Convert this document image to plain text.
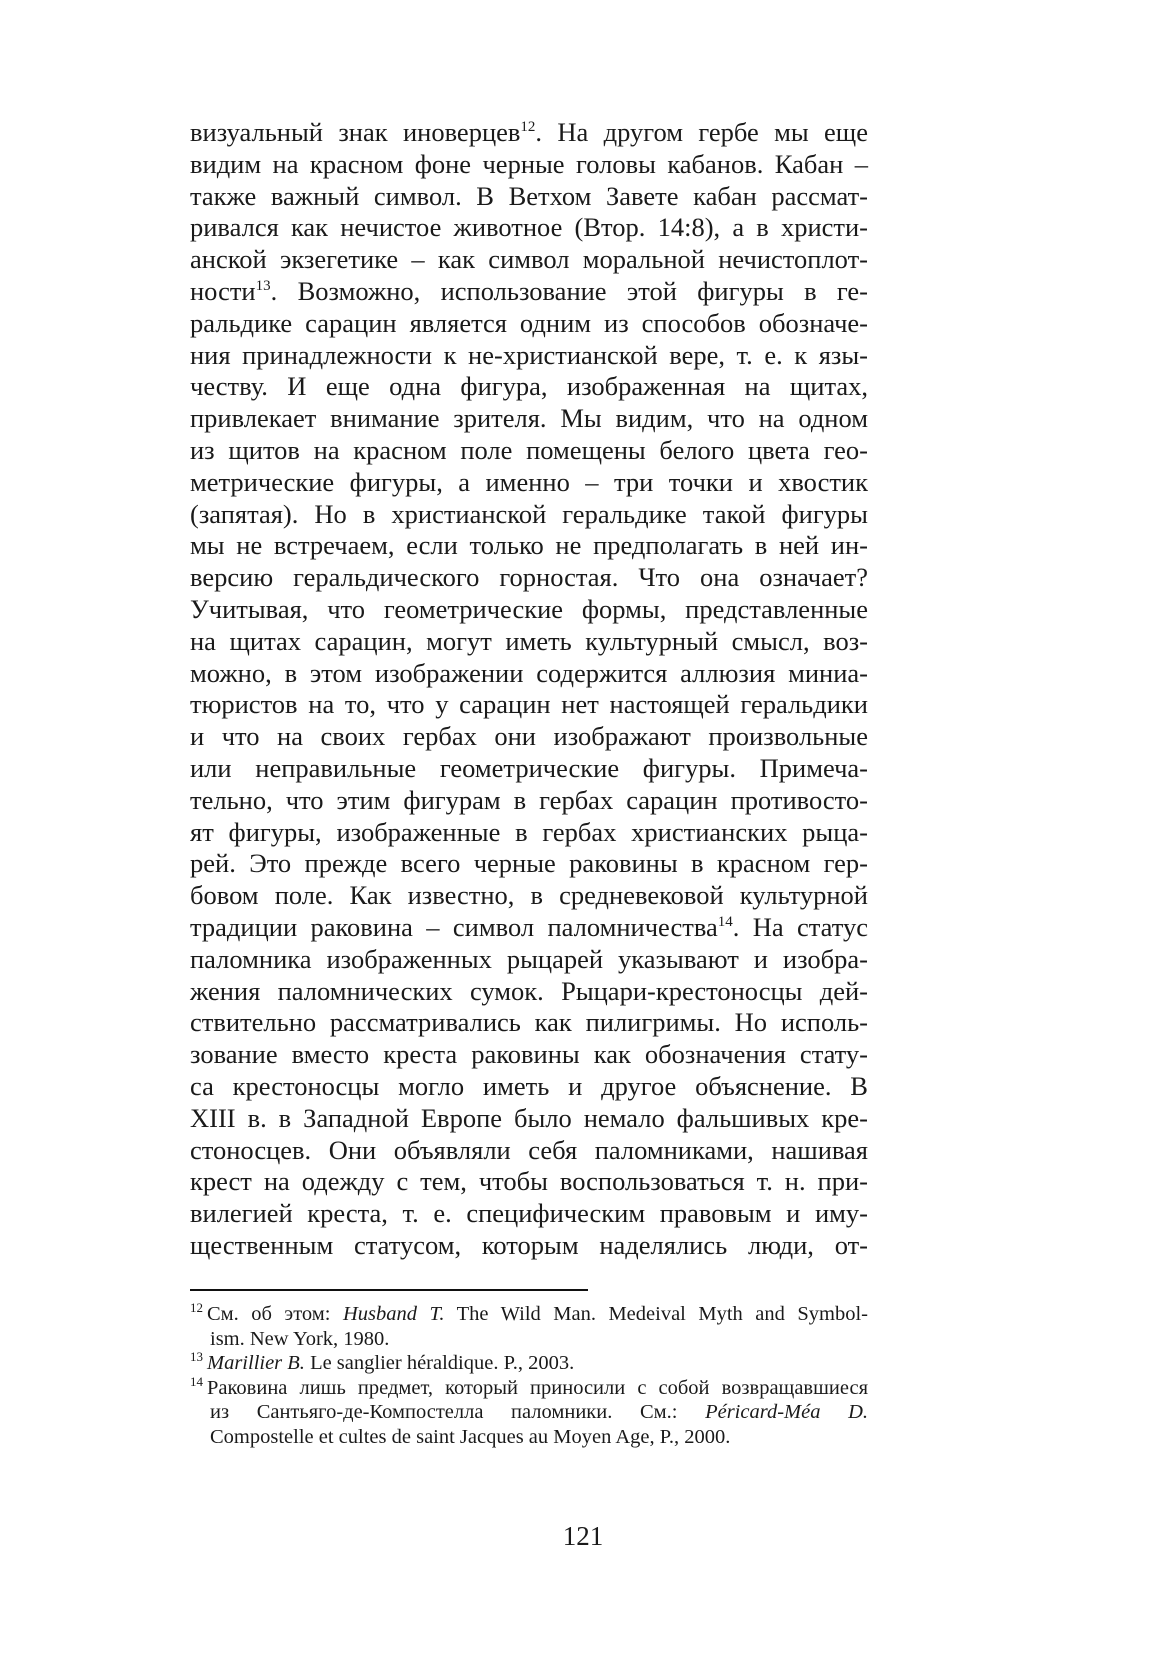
визуальный знак иноверцев$^{12}$. На другом гербе мы еще
видим на красном фоне черные головы кабанов. Кабан –
также важный символ. В Ветхом Завете кабан рассмат-
ривался как нечистое животное (Втор. 14:8), а в христи-
анской экзегетике – как символ моральной нечистоплот-
ности$^{13}$. Возможно, использование этой фигуры в ге-
ральдике сарацин является одним из способов обозначе-
ния принадлежности к не-христианской вере, т. е. к язы-
честву. И еще одна фигура, изображенная на щитах,
привлекает внимание зрителя. Мы видим, что на одном
из щитов на красном поле помещены белого цвета гео-
метрические фигуры, а именно – три точки и хвостик
(запятая). Но в христианской геральдике такой фигуры
мы не встречаем, если только не предполагать в ней ин-
версию геральдического горностая. Что она означает?
Учитывая, что геометрические формы, представленные
на щитах сарацин, могут иметь культурный смысл, воз-
можно, в этом изображении содержится аллюзия миниа-
тюристов на то, что у сарацин нет настоящей геральдики
и что на своих гербах они изображают произвольные
или неправильные геометрические фигуры. Примеча-
тельно, что этим фигурам в гербах сарацин противосто-
ят фигуры, изображенные в гербах христианских рыца-
рей. Это прежде всего черные раковины в красном гер-
бовом поле. Как известно, в средневековой культурной
традиции раковина – символ паломничества$^{14}$. На статус
паломника изображенных рыцарей указывают и изобра-
жения паломнических сумок. Рыцари-крестоносцы дей-
ствительно рассматривались как пилигримы. Но исполь-
зование вместо креста раковины как обозначения стату-
са крестоносцы могло иметь и другое объяснение. В
XIII в. в Западной Европе было немало фальшивых кре-
стоносцев. Они объявляли себя паломниками, нашивая
крест на одежду с тем, чтобы воспользоваться т. н. при-
вилегией креста, т. е. специфическим правовым и иму-
щественным статусом, которым наделялись люди, от-
$^{12}$ См. об этом: Husband T. The Wild Man. Medeival Myth and Symbol-
ism. New York, 1980.
$^{13}$ Marillier B. Le sanglier héraldique. P., 2003.
$^{14}$ Раковина лишь предмет, который приносили с собой возвращавшиеся
из Сантьяго-де-Компостелла паломники. См.: Péricard-Méa D.
Compostelle et cultes de saint Jacques au Moyen Age, P., 2000.
121
